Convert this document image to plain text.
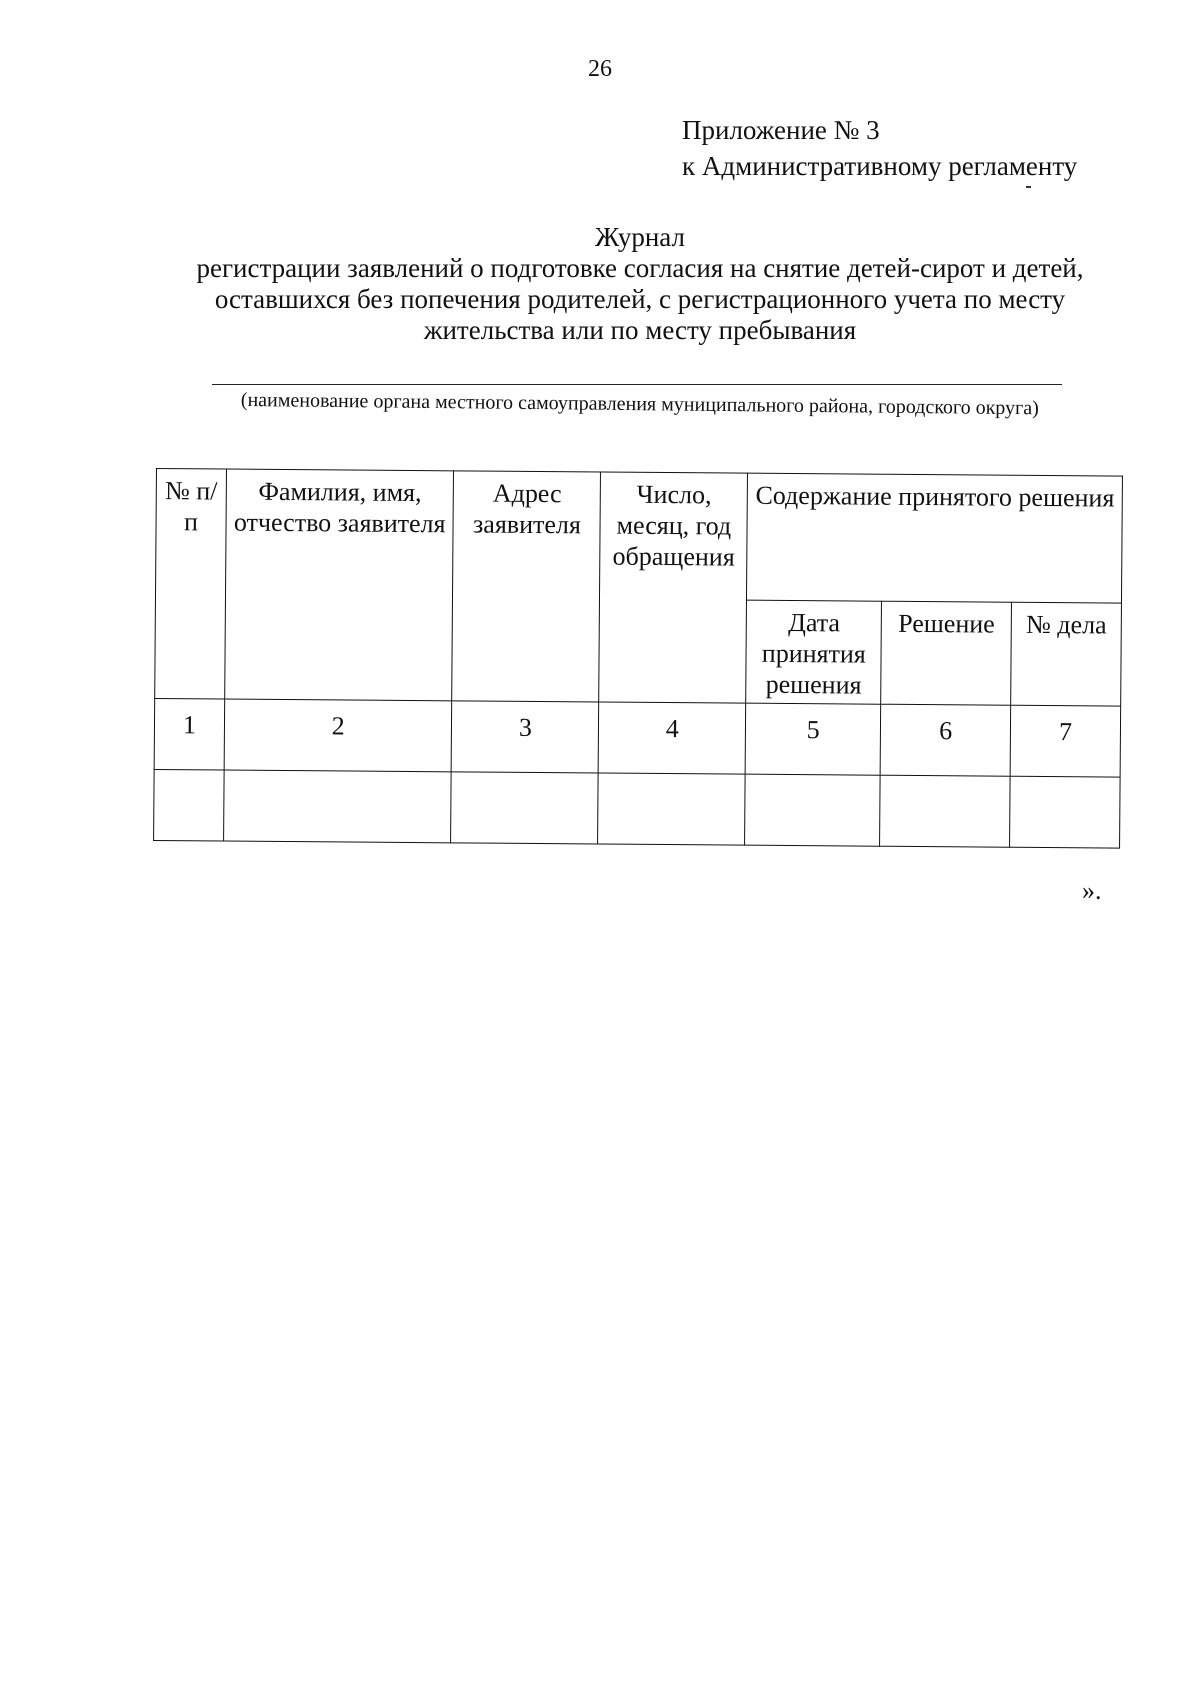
26
Приложение № 3
к Административному регламенту
Журнал
регистрации заявлений о подготовке согласия на снятие детей-сирот и детей,
оставшихся без попечения родителей, с регистрационного учета по месту
жительства или по месту пребывания
(наименование органа местного самоуправления муниципального района, городского округа)
№ п/п	Фамилия, имя, отчество заявителя	Адрес заявителя	Число, месяц, год обращения	Содержание принятого решения		
				Дата принятия решения	Решение	№ дела
1	2	3	4	5	6	7

».
